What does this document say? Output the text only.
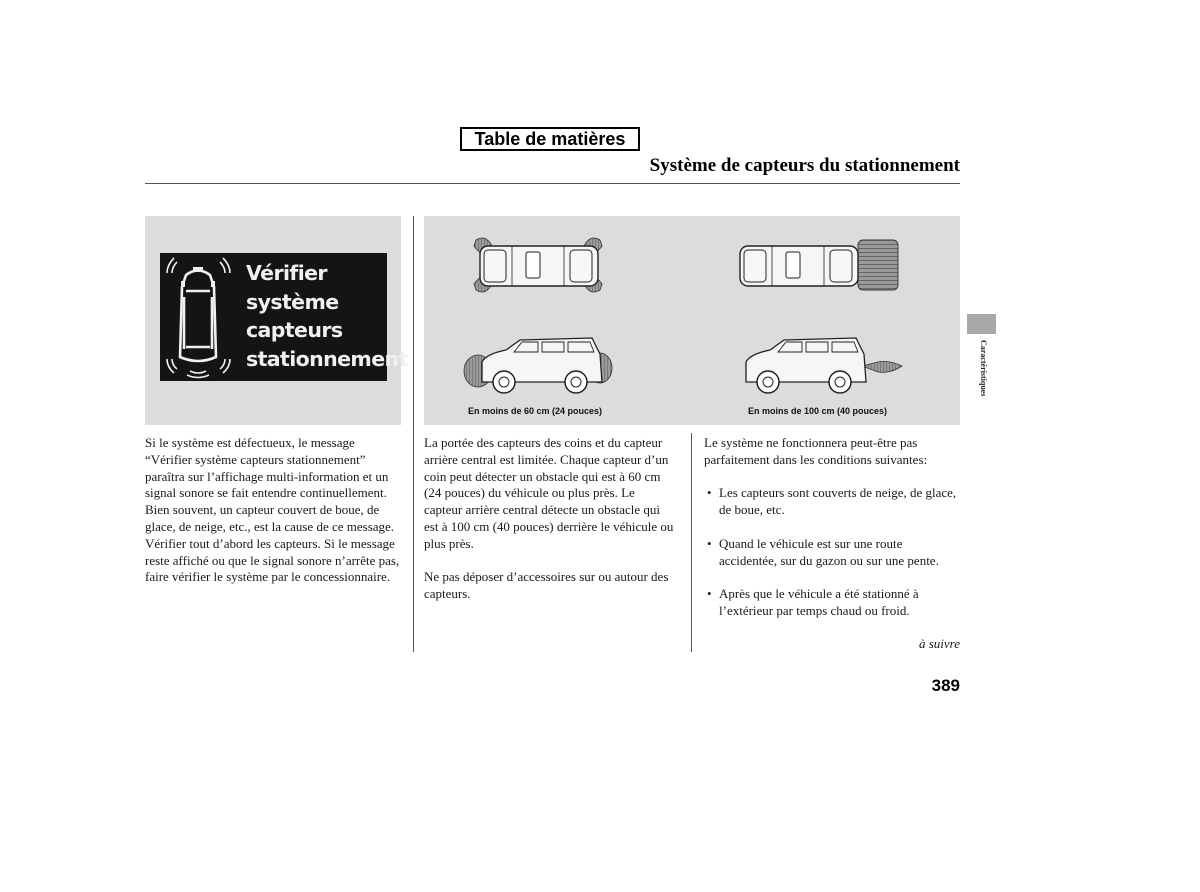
Table de matières
Système de capteurs du stationnement
Vérifier
système
capteurs
stationnement
En moins de 60 cm (24 pouces)	En moins de 100 cm (40 pouces)

Si le système est défectueux, le message “Vérifier système capteurs stationnement” paraîtra sur l’affichage multi-information et un signal sonore se fait entendre continuellement. Bien souvent, un capteur couvert de boue, de glace, de neige, etc., est la cause de ce message. Vérifier tout d’abord les capteurs. Si le message reste affiché ou que le signal sonore n’arrête pas, faire vérifier le système par le concessionnaire.

La portée des capteurs des coins et du capteur arrière central est limitée. Chaque capteur d’un coin peut détecter un obstacle qui est à 60 cm (24 pouces) du véhicule ou plus près. Le capteur arrière central détecte un obstacle qui est à 100 cm (40 pouces) derrière le véhicule ou plus près.

Ne pas déposer d’accessoires sur ou autour des capteurs.

Le système ne fonctionnera peut-être pas parfaitement dans les conditions suivantes:

• Les capteurs sont couverts de neige, de glace, de boue, etc.
• Quand le véhicule est sur une route accidentée, sur du gazon ou sur une pente.
• Après que le véhicule a été stationné à l’extérieur par temps chaud ou froid.
à suivre
389
Caractéristiques
